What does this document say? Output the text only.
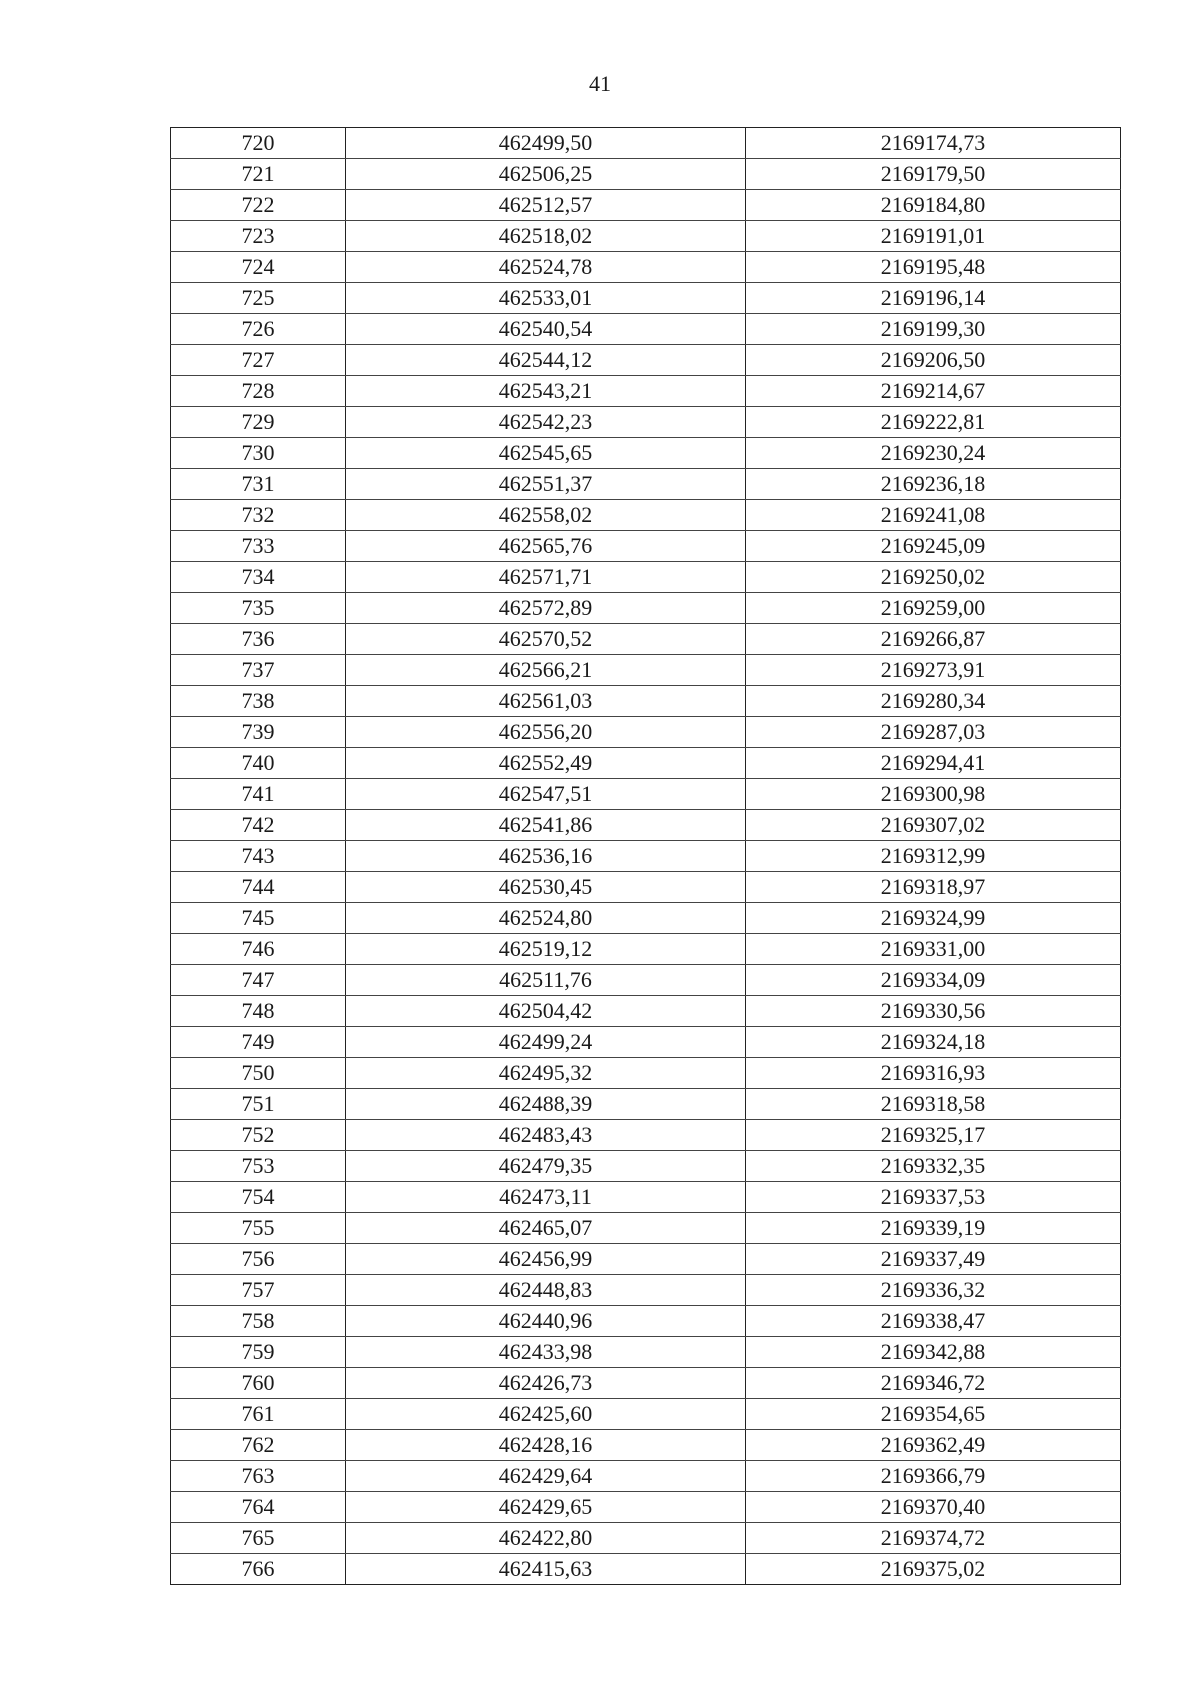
41
720	462499,50	2169174,73
721	462506,25	2169179,50
722	462512,57	2169184,80
723	462518,02	2169191,01
724	462524,78	2169195,48
725	462533,01	2169196,14
726	462540,54	2169199,30
727	462544,12	2169206,50
728	462543,21	2169214,67
729	462542,23	2169222,81
730	462545,65	2169230,24
731	462551,37	2169236,18
732	462558,02	2169241,08
733	462565,76	2169245,09
734	462571,71	2169250,02
735	462572,89	2169259,00
736	462570,52	2169266,87
737	462566,21	2169273,91
738	462561,03	2169280,34
739	462556,20	2169287,03
740	462552,49	2169294,41
741	462547,51	2169300,98
742	462541,86	2169307,02
743	462536,16	2169312,99
744	462530,45	2169318,97
745	462524,80	2169324,99
746	462519,12	2169331,00
747	462511,76	2169334,09
748	462504,42	2169330,56
749	462499,24	2169324,18
750	462495,32	2169316,93
751	462488,39	2169318,58
752	462483,43	2169325,17
753	462479,35	2169332,35
754	462473,11	2169337,53
755	462465,07	2169339,19
756	462456,99	2169337,49
757	462448,83	2169336,32
758	462440,96	2169338,47
759	462433,98	2169342,88
760	462426,73	2169346,72
761	462425,60	2169354,65
762	462428,16	2169362,49
763	462429,64	2169366,79
764	462429,65	2169370,40
765	462422,80	2169374,72
766	462415,63	2169375,02
